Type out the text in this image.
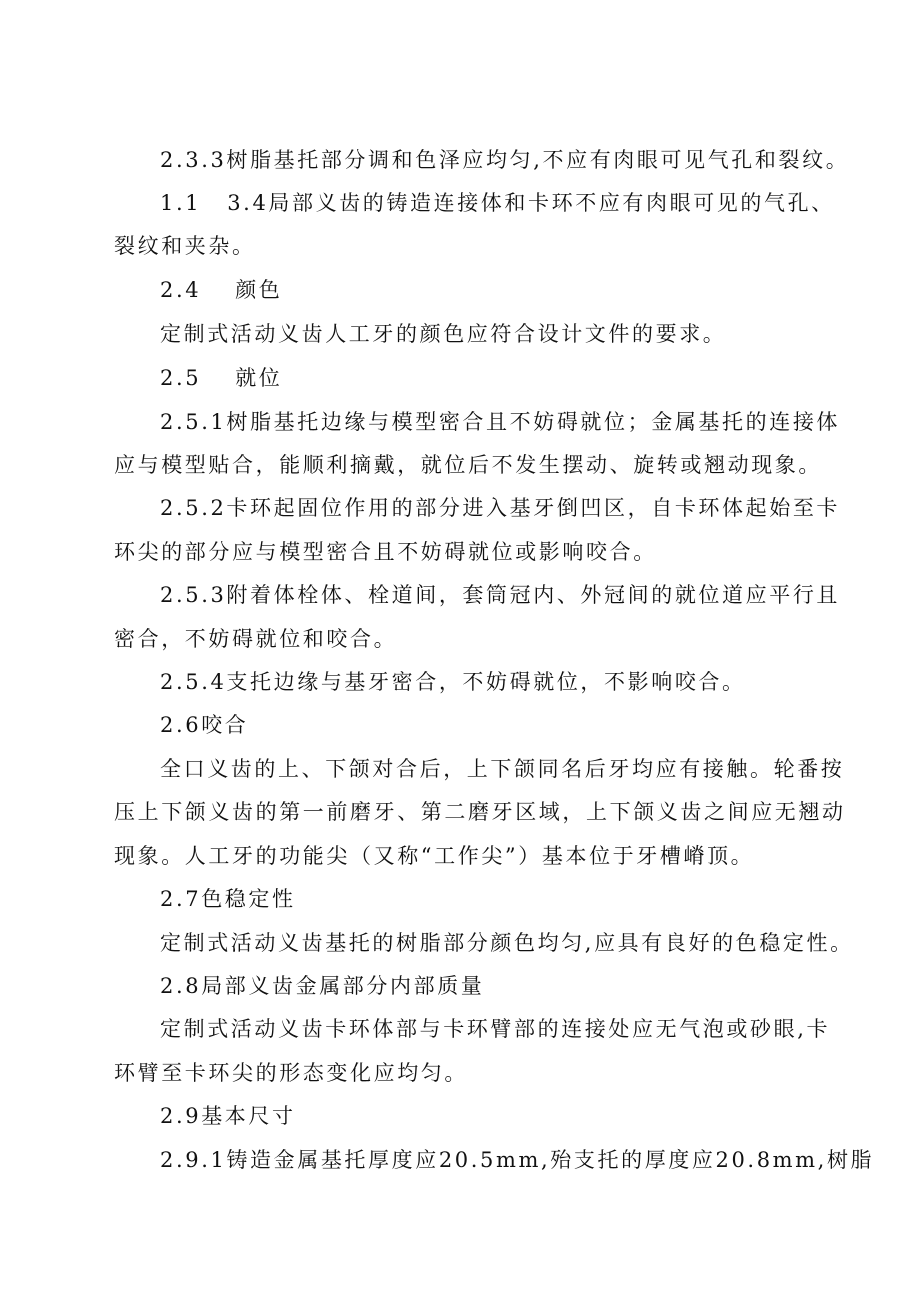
2.3.3树脂基托部分调和色泽应均匀,不应有肉眼可见气孔和裂纹。
1.1 3.4局部义齿的铸造连接体和卡环不应有肉眼可见的气孔、
裂纹和夹杂。
2.4 颜色
定制式活动义齿人工牙的颜色应符合设计文件的要求。
2.5 就位
2.5.1树脂基托边缘与模型密合且不妨碍就位；金属基托的连接体
应与模型贴合，能顺利摘戴，就位后不发生摆动、旋转或翘动现象。
2.5.2卡环起固位作用的部分进入基牙倒凹区，自卡环体起始至卡
环尖的部分应与模型密合且不妨碍就位或影响咬合。
2.5.3附着体栓体、栓道间，套筒冠内、外冠间的就位道应平行且
密合，不妨碍就位和咬合。
2.5.4支托边缘与基牙密合，不妨碍就位，不影响咬合。
2.6咬合
全口义齿的上、下颌对合后，上下颌同名后牙均应有接触。轮番按
压上下颌义齿的第一前磨牙、第二磨牙区域，上下颌义齿之间应无翘动
现象。人工牙的功能尖（又称“工作尖”）基本位于牙槽嵴顶。
2.7色稳定性
定制式活动义齿基托的树脂部分颜色均匀,应具有良好的色稳定性。
2.8局部义齿金属部分内部质量
定制式活动义齿卡环体部与卡环臂部的连接处应无气泡或砂眼,卡
环臂至卡环尖的形态变化应均匀。
2.9基本尺寸
2.9.1铸造金属基托厚度应20.5mm,殆支托的厚度应20.8mm,树脂
